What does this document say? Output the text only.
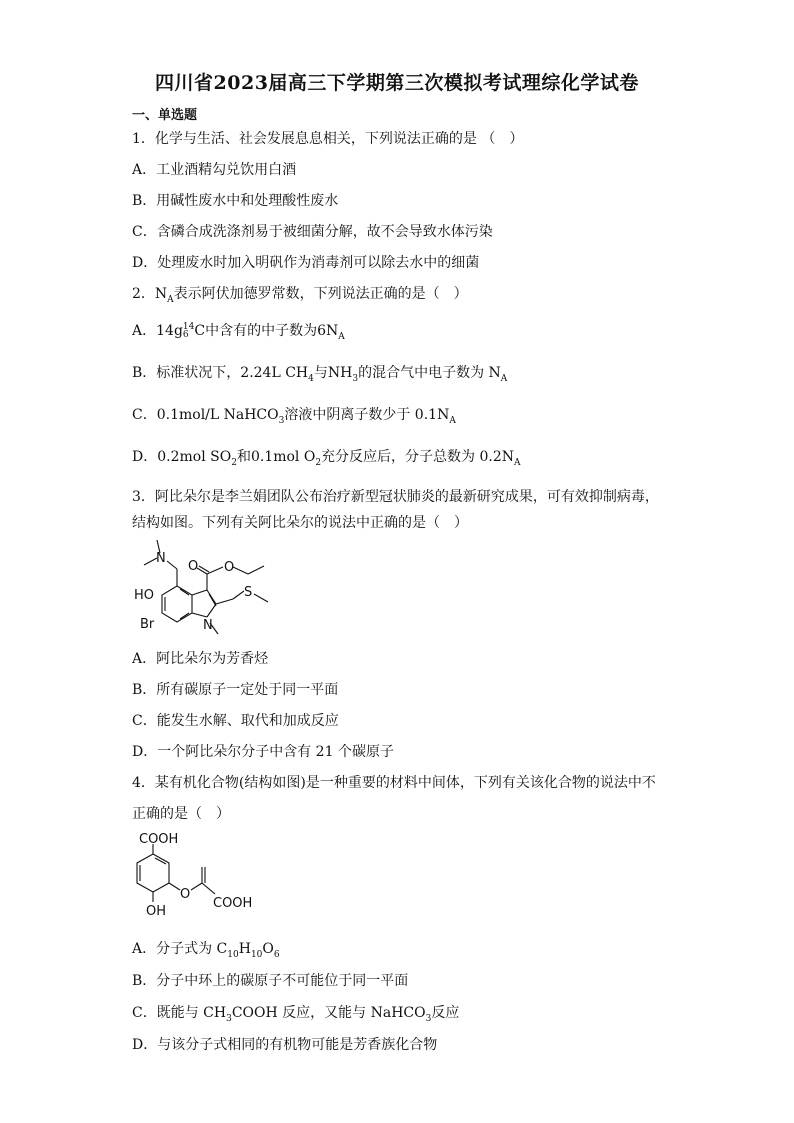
四川省2023届高三下学期第三次模拟考试理综化学试卷
一、单选题
1．化学与生活、社会发展息息相关，下列说法正确的是 （　）
A．工业酒精勾兑饮用白酒
B．用碱性废水中和处理酸性废水
C．含磷合成洗涤剂易于被细菌分解，故不会导致水体污染
D．处理废水时加入明矾作为消毒剂可以除去水中的细菌
2．$N_A$表示阿伏加德罗常数，下列说法正确的是（　）
A．14g 14
6 C中含有的中子数为$6N_A$
B．标准状况下，2.24L $CH_4$与$NH_3$的混合气中电子数为 $N_A$
C．0.1mol/L NaHCO$_3$溶液中阴离子数少于 $0.1N_A$
D．0.2mol $SO_2$和0.1mol $O_2$充分反应后，分子总数为 $0.2N_A$
3．阿比朵尔是李兰娟团队公布治疗新型冠状肺炎的最新研究成果，可有效抑制病毒，
结构如图。下列有关阿比朵尔的说法中正确的是（　）
N
HO
Br	N
O O
S
A．阿比朵尔为芳香烃
B．所有碳原子一定处于同一平面
C．能发生水解、取代和加成反应
D．一个阿比朵尔分子中含有 21 个碳原子
4．某有机化合物(结构如图)是一种重要的材料中间体，下列有关该化合物的说法中不
正确的是（　）
COOH
O
COOH
OH
A．分子式为 $C_{10}H_{10}O_6$
B．分子中环上的碳原子不可能位于同一平面
C．既能与 $CH_3COOH$ 反应，又能与 NaHCO$_3$反应
D．与该分子式相同的有机物可能是芳香族化合物
